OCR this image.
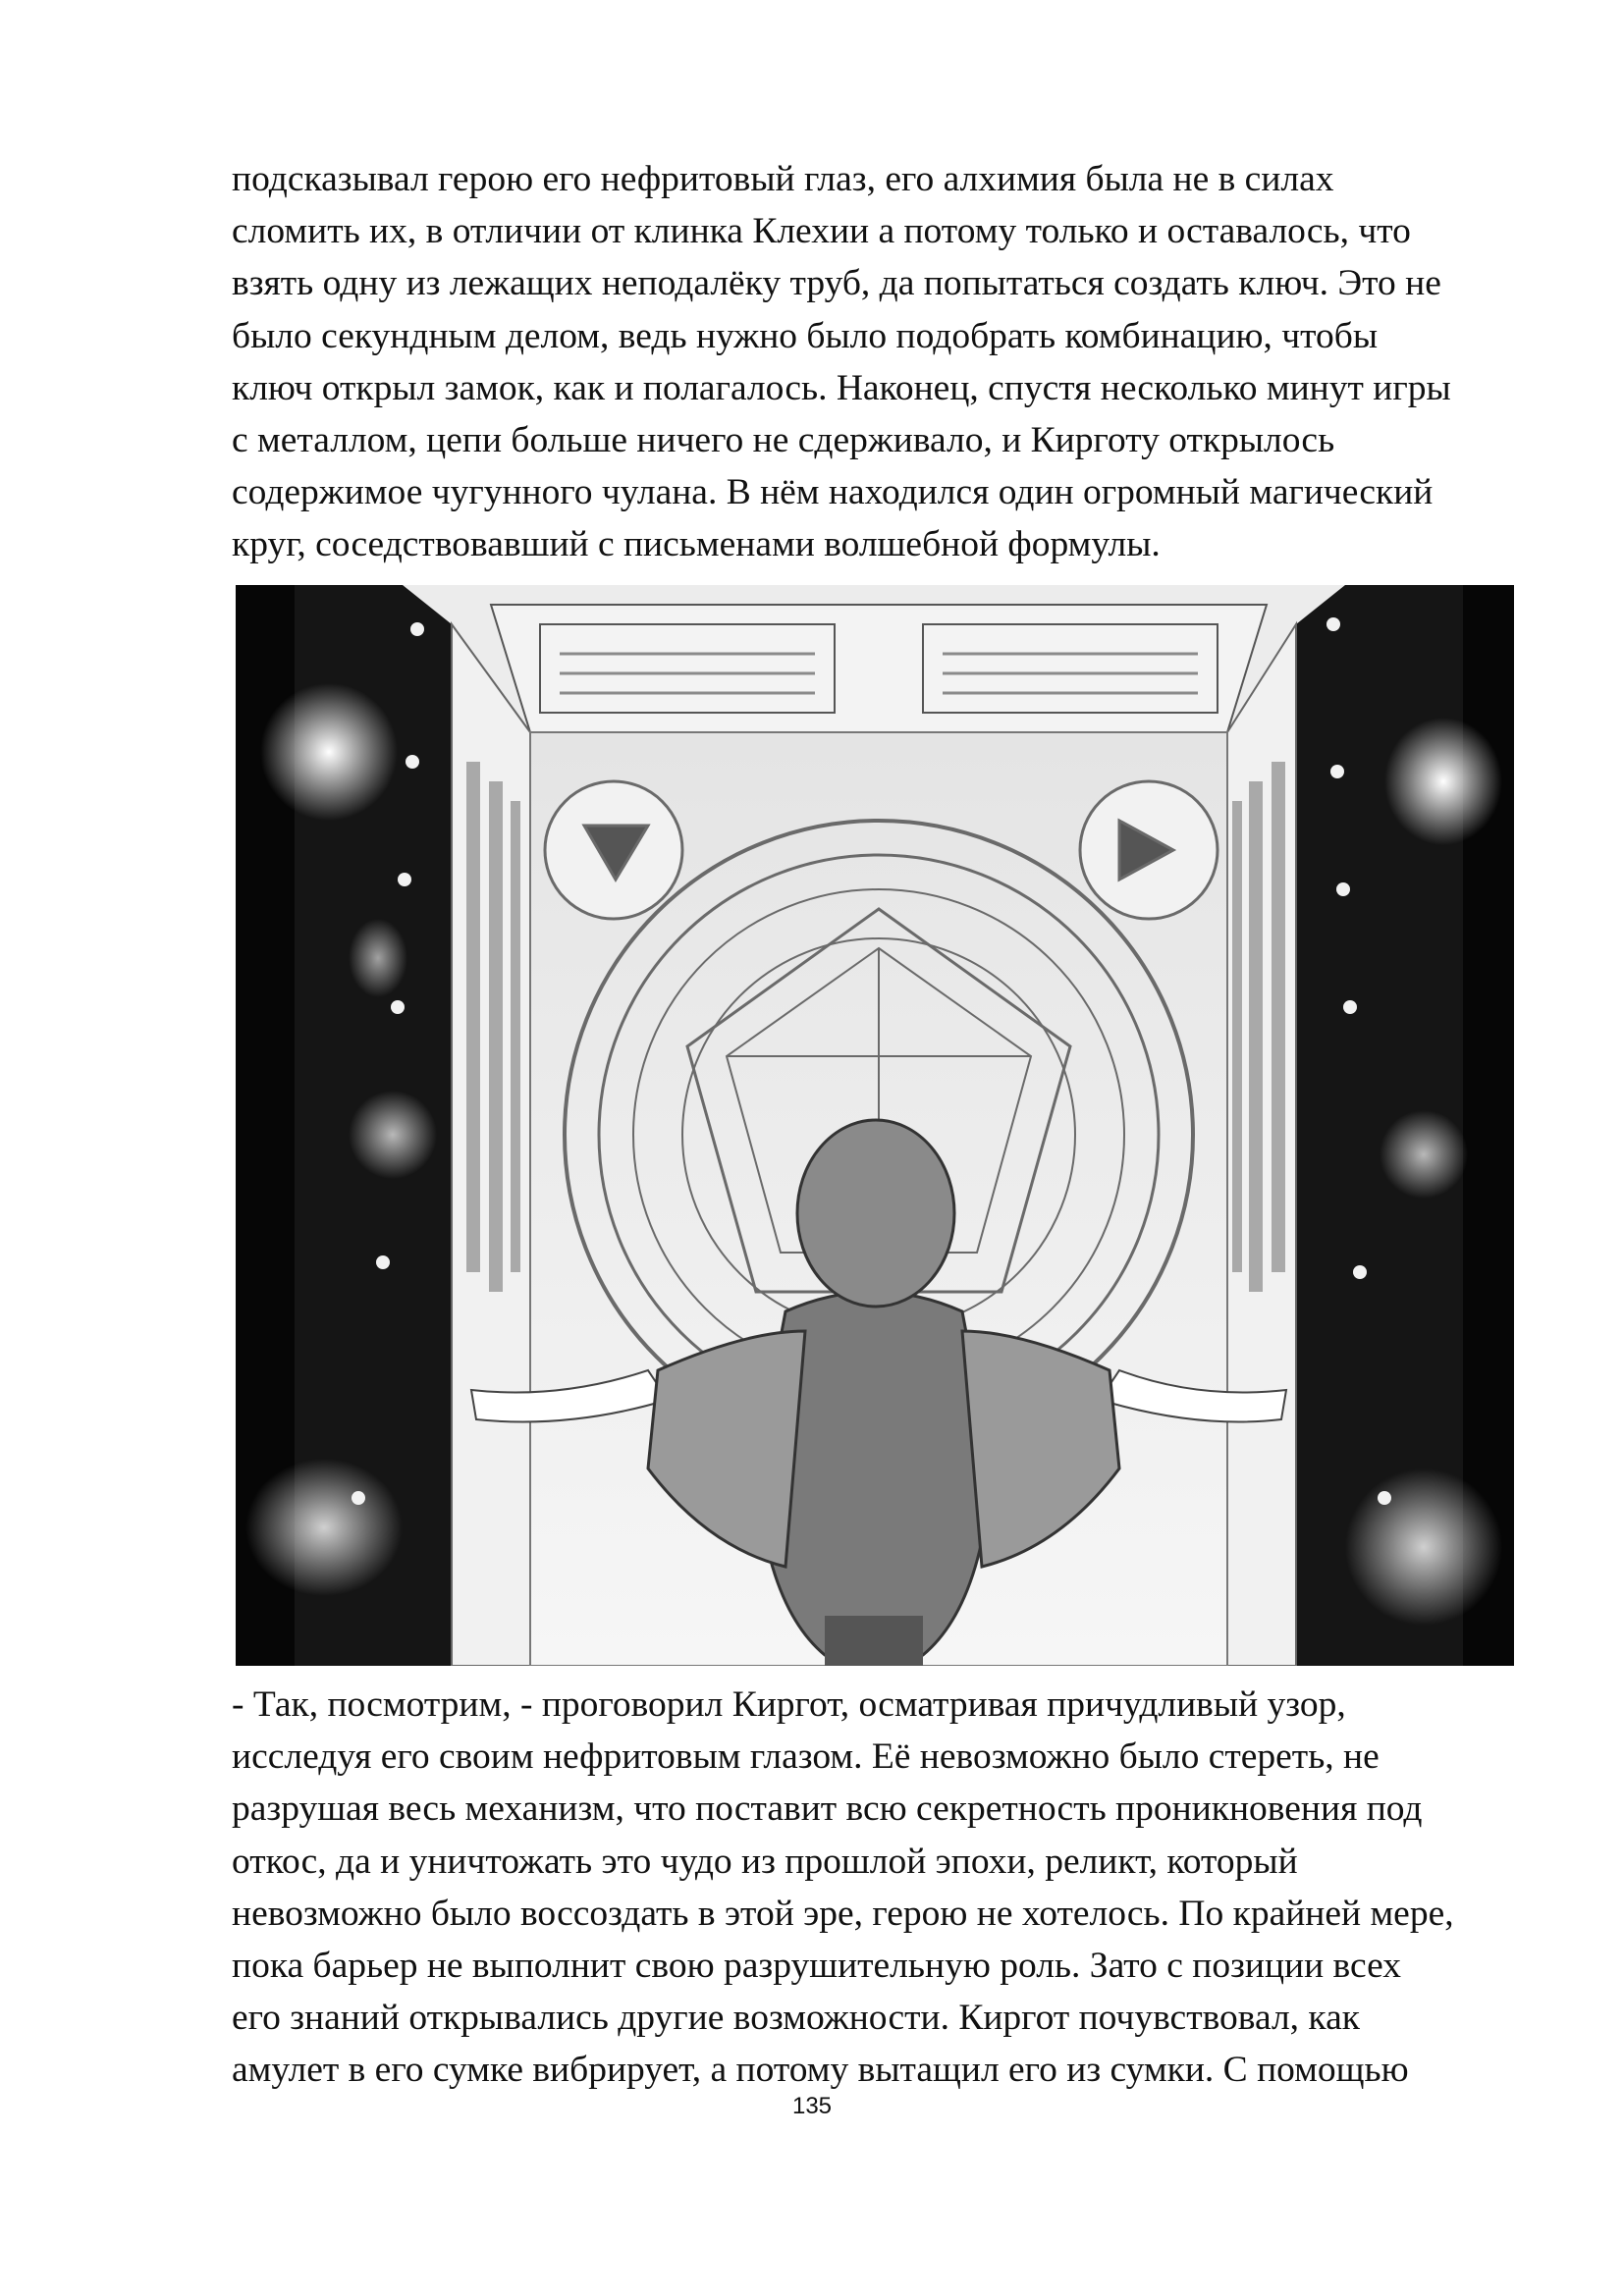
подсказывал герою его нефритовый глаз, его алхимия была не в силах
сломить их, в отличии от клинка Клехии а потому только и оставалось, что
взять одну из лежащих неподалёку труб, да попытаться создать ключ. Это не
было секундным делом, ведь нужно было подобрать комбинацию, чтобы
ключ открыл замок, как и полагалось. Наконец, спустя несколько минут игры
с металлом, цепи больше ничего не сдерживало, и Кирготу открылось
содержимое чугунного чулана. В нём находился один огромный магический
круг, соседствовавший с письменами волшебной формулы.
- Так, посмотрим, - проговорил Киргот, осматривая причудливый узор,
исследуя его своим нефритовым глазом. Её невозможно было стереть, не
разрушая весь механизм, что поставит всю секретность проникновения под
откос, да и уничтожать это чудо из прошлой эпохи, реликт, который
невозможно было воссоздать в этой эре, герою не хотелось. По крайней мере,
пока барьер не выполнит свою разрушительную роль. Зато с позиции всех
его знаний открывались другие возможности. Киргот почувствовал, как
амулет в его сумке вибрирует, а потому вытащил его из сумки. С помощью
135
